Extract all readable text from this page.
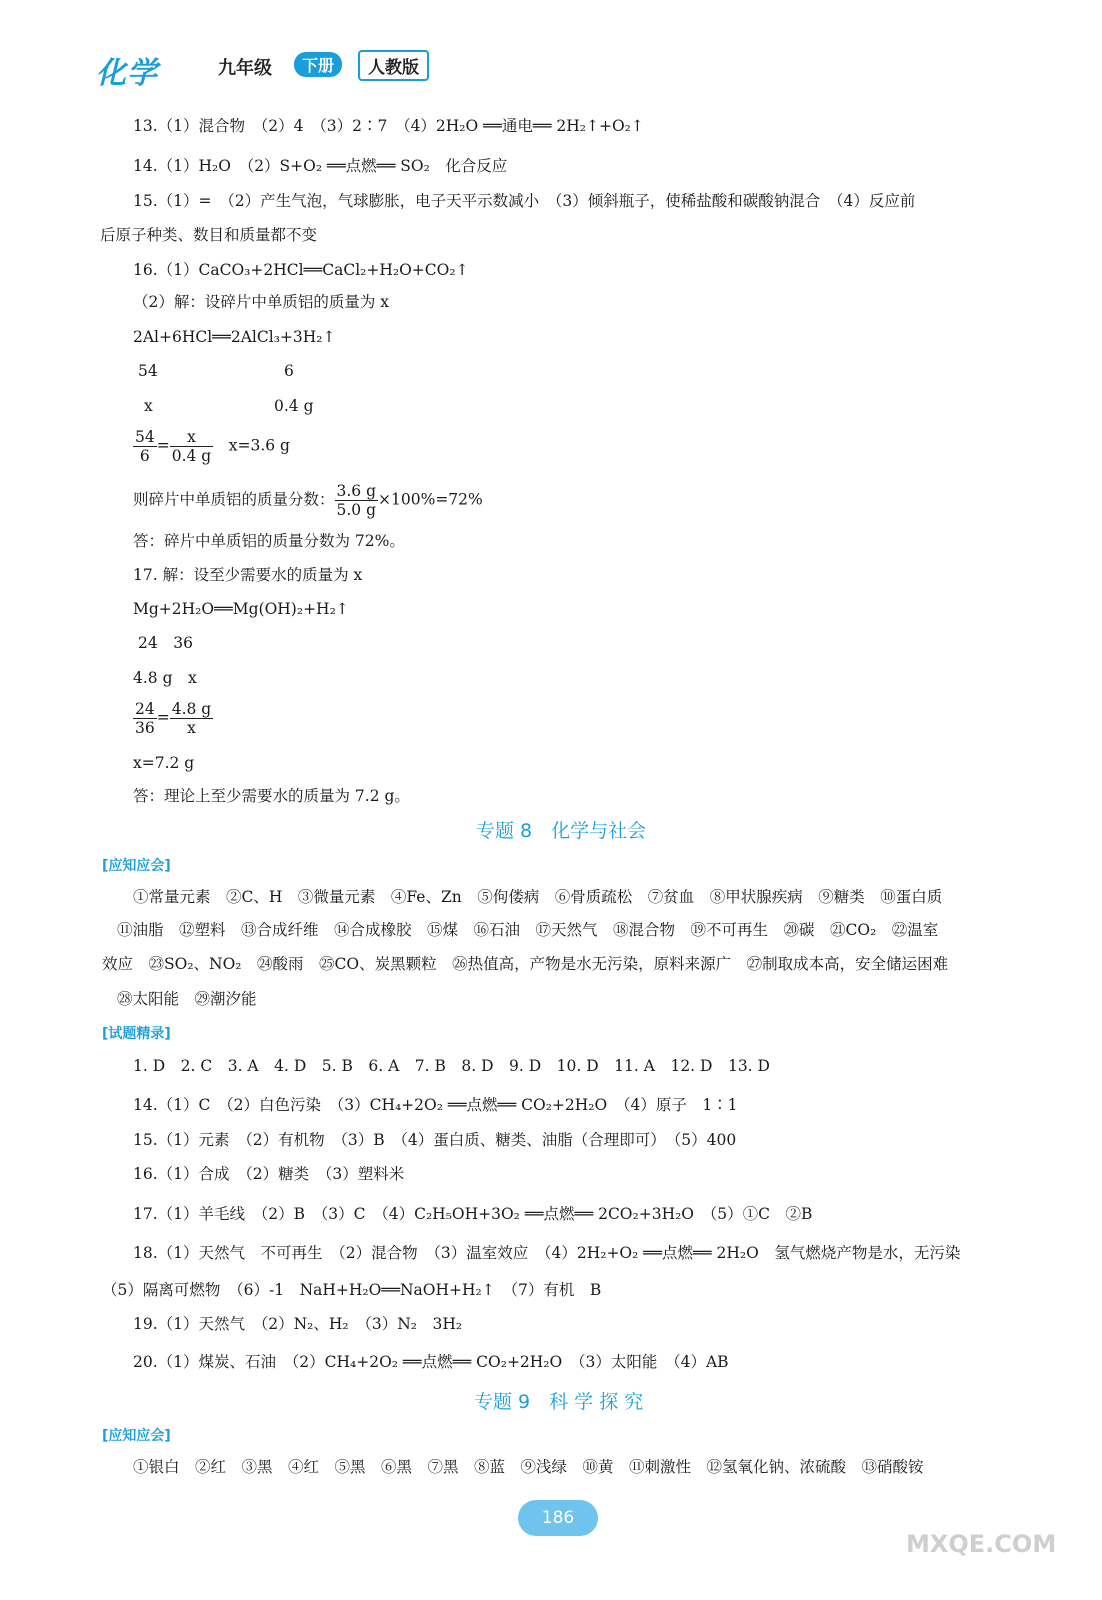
化学	九年级	下册	人教版
13.（1）混合物　（2）4　（3）2∶7　（4）2H₂O ══通电══ 2H₂↑+O₂↑
14.（1）H₂O　（2）S+O₂ ══点燃══ SO₂　化合反应
15.（1）=　（2）产生气泡，气球膨胀，电子天平示数减小　（3）倾斜瓶子，使稀盐酸和碳酸钠混合　（4）反应前
后原子种类、数目和质量都不变
16.（1）CaCO₃+2HCl══CaCl₂+H₂O+CO₂↑
（2）解：设碎片中单质铝的质量为 x
2Al+6HCl══2AlCl₃+3H₂↑
54	6
x	0.4 g
$\frac{54}{6} = \frac{x}{0.4 g}$
　 x=3.6 g
则碎片中单质铝的质量分数： $\frac{3.6 g}{5.0 g} \times 100\%=72\%$
答：碎片中单质铝的质量分数为 72%。
17. 解：设至少需要水的质量为 x
Mg+2H₂O══Mg(OH)₂+H₂↑
24　36
4.8 g　x
$\frac{24}{36} = \frac{4.8 g}{x}$
x=7.2 g
答：理论上至少需要水的质量为 7.2 g。
专题 8　化学与社会
[应知应会]
①常量元素　②C、H　③微量元素　④Fe、Zn　⑤佝偻病　⑥骨质疏松　⑦贫血　⑧甲状腺疾病　⑨糖类　⑩蛋白质
⑪油脂　⑫塑料　⑬合成纤维　⑭合成橡胶　⑮煤　⑯石油　⑰天然气　⑱混合物　⑲不可再生　⑳碳　㉑CO₂　㉒温室
效应　㉓SO₂、NO₂　㉔酸雨　㉕CO、炭黑颗粒　㉖热值高，产物是水无污染，原料来源广　㉗制取成本高，安全储运困难
㉘太阳能　㉙潮汐能
[试题精录]
1. D　2. C　3. A　4. D　5. B　6. A　7. B　8. D　9. D　10. D　11. A　12. D　13. D
14.（1）C　（2）白色污染　（3）CH₄+2O₂ ══点燃══ CO₂+2H₂O　（4）原子　1∶1
15.（1）元素　（2）有机物　（3）B　（4）蛋白质、糖类、油脂（合理即可）　（5）400
16.（1）合成　（2）糖类　（3）塑料米
17.（1）羊毛线　（2）B　（3）C　（4）C₂H₅OH+3O₂ ══点燃══ 2CO₂+3H₂O　（5）①C　②B
18.（1）天然气　不可再生　（2）混合物　（3）温室效应　（4）2H₂+O₂ ══点燃══ 2H₂O　氢气燃烧产物是水，无污染
（5）隔离可燃物　（6）-1　NaH+H₂O══NaOH+H₂↑　（7）有机　B
19.（1）天然气　（2）N₂、H₂　（3）N₂　3H₂
20.（1）煤炭、石油　（2）CH₄+2O₂ ══点燃══ CO₂+2H₂O　（3）太阳能　（4）AB
专题 9　科 学 探 究
[应知应会]
①银白　②红　③黑　④红　⑤黑　⑥黑　⑦黑　⑧蓝　⑨浅绿　⑩黄　⑪刺激性　⑫氢氧化钠、浓硫酸　⑬硝酸铵
186
MXQE.COM
